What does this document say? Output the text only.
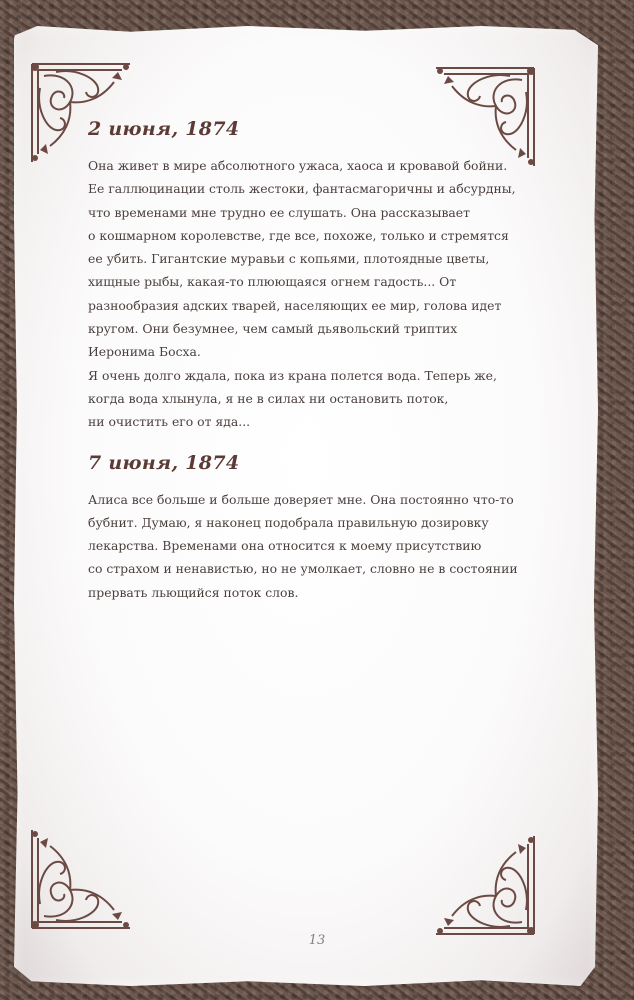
2 июня, 1874

Она живет в мире абсолютного ужаса, хаоса и кровавой бойни.
Ее галлюцинации столь жестоки, фантасмагоричны и абсурдны,
что временами мне трудно ее слушать. Она рассказывает
о кошмарном королевстве, где все, похоже, только и стремятся
ее убить. Гигантские муравьи с копьями, плотоядные цветы,
хищные рыбы, какая-то плюющаяся огнем гадость... От
разнообразия адских тварей, населяющих ее мир, голова идет
кругом. Они безумнее, чем самый дьявольский триптих
Иеронима Босха.

Я очень долго ждала, пока из крана полется вода. Теперь же,
когда вода хлынула, я не в силах ни остановить поток,
ни очистить его от яда...

7 июня, 1874

Алиса все больше и больше доверяет мне. Она постоянно что-то
бубнит. Думаю, я наконец подобрала правильную дозировку
лекарства. Временами она относится к моему присутствию
со страхом и ненавистью, но не умолкает, словно не в состоянии
прервать льющийся поток слов.

13
